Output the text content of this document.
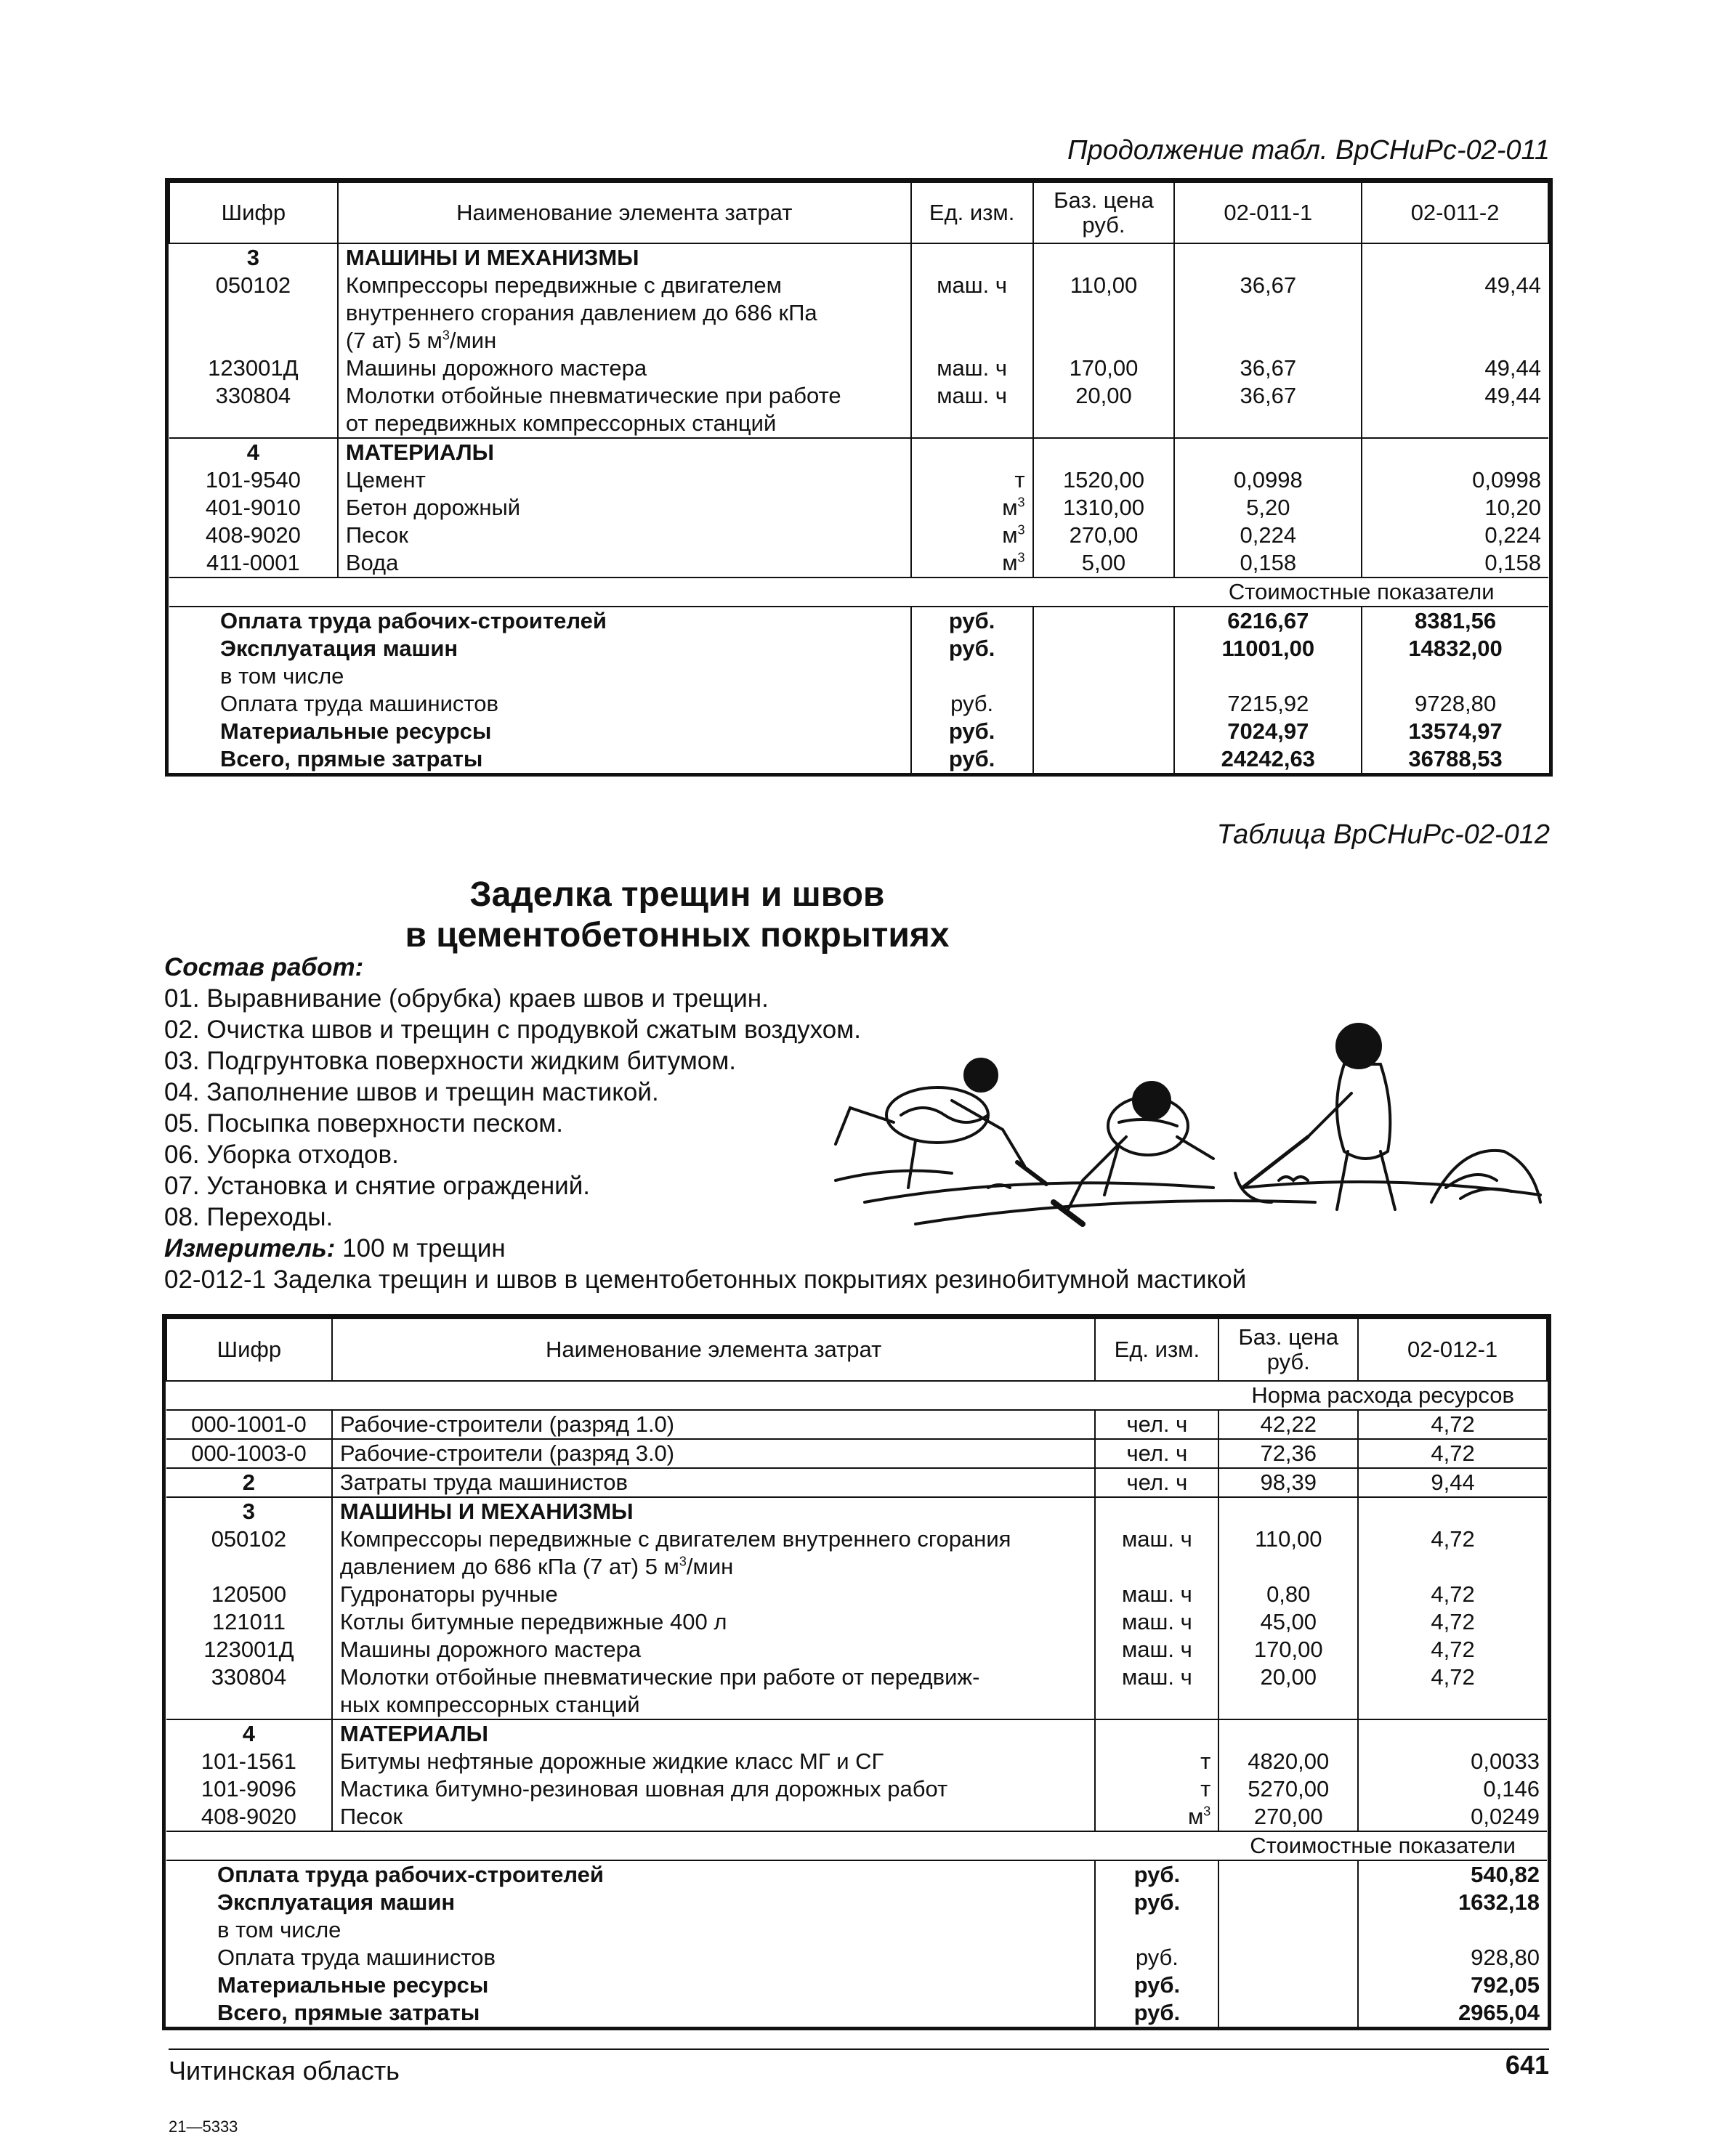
Продолжение табл. ВрСНиРс-02-011
Шифр	Наименование элемента затрат	Ед. изм.	Баз. цена руб.	02-011-1	02-011-2
3	МАШИНЫ И МЕХАНИЗМЫ				
050102	Компрессоры передвижные с двигателем	маш. ч	110,00	36,67	49,44
	внутреннего сгорания давлением до 686 кПа				
	(7 ат) 5 $м^3$/мин				
123001Д	Машины дорожного мастера	маш. ч	170,00	36,67	49,44
330804	Молотки отбойные пневматические при работе	маш. ч	20,00	36,67	49,44
	от передвижных компрессорных станций				
4	МАТЕРИАЛЫ				
101-9540	Цемент	т	1520,00	0,0998	0,0998
401-9010	Бетон дорожный	$м^3$	1310,00	5,20	10,20
408-9020	Песок	$м^3$	270,00	0,224	0,224
411-0001	Вода	$м^3$	5,00	0,158	0,158
				Стоимостные показатели	
Оплата труда рабочих-строителей		руб.		6216,67	8381,56
Эксплуатация машин		руб.		11001,00	14832,00
в том числе					
Оплата труда машинистов		руб.		7215,92	9728,80
Материальные ресурсы		руб.		7024,97	13574,97
Всего, прямые затраты		руб.		24242,63	36788,53
Таблица ВрСНиРс-02-012
Заделка трещин и швов
в цементобетонных покрытиях
Состав работ:
01. Выравнивание (обрубка) краев швов и трещин.
02. Очистка швов и трещин с продувкой сжатым воздухом.
03. Подгрунтовка поверхности жидким битумом.
04. Заполнение швов и трещин мастикой.
05. Посыпка поверхности песком.
06. Уборка отходов.
07. Установка и снятие ограждений.
08. Переходы.
Измеритель: 100 м трещин
02-012-1 Заделка трещин и швов в цементобетонных покрытиях резинобитумной мастикой
Шифр	Наименование элемента затрат	Ед. изм.	Баз. цена руб.	02-012-1
			Норма расхода ресурсов	
000-1001-0	Рабочие-строители (разряд 1.0)	чел. ч	42,22	4,72
000-1003-0	Рабочие-строители (разряд 3.0)	чел. ч	72,36	4,72
2	Затраты труда машинистов	чел. ч	98,39	9,44
3	МАШИНЫ И МЕХАНИЗМЫ			
050102	Компрессоры передвижные с двигателем внутреннего сгорания	маш. ч	110,00	4,72
	давлением до 686 кПа (7 ат) 5 $м^3$/мин			
120500	Гудронаторы ручные	маш. ч	0,80	4,72
121011	Котлы битумные передвижные 400 л	маш. ч	45,00	4,72
123001Д	Машины дорожного мастера	маш. ч	170,00	4,72
330804	Молотки отбойные пневматические при работе от передвиж-	маш. ч	20,00	4,72
	ных компрессорных станций			
4	МАТЕРИАЛЫ			
101-1561	Битумы нефтяные дорожные жидкие класс МГ и СГ	т	4820,00	0,0033
101-9096	Мастика битумно-резиновая шовная для дорожных работ	т	5270,00	0,146
408-9020	Песок	$м^3$	270,00	0,0249
			Стоимостные показатели	
Оплата труда рабочих-строителей		руб.		540,82
Эксплуатация машин		руб.		1632,18
в том числе				
Оплата труда машинистов		руб.		928,80
Материальные ресурсы		руб.		792,05
Всего, прямые затраты		руб.		2965,04
Читинская область	641
21—5333
